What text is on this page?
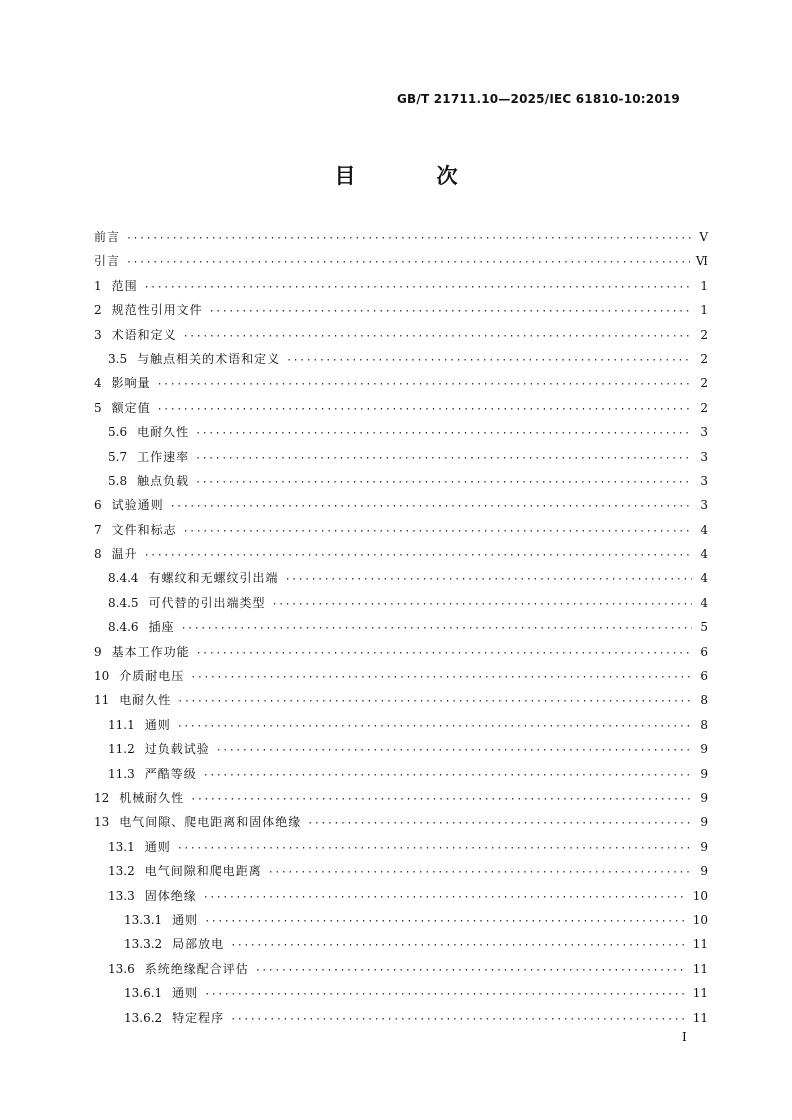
GB/T 21711.10—2025/IEC 61810-10:2019
目　次
前言 ·····	Ⅴ
引言 ·····	Ⅵ
1 范围 ·····	1
2 规范性引用文件 ·····	1
3 术语和定义 ·····	2
3.5 与触点相关的术语和定义 ·····	2
4 影响量 ·····	2
5 额定值 ·····	2
5.6 电耐久性 ·····	3
5.7 工作速率 ·····	3
5.8 触点负载 ·····	3
6 试验通则 ·····	3
7 文件和标志 ·····	4
8 温升 ·····	4
8.4.4 有螺纹和无螺纹引出端 ·····	4
8.4.5 可代替的引出端类型 ·····	4
8.4.6 插座 ·····	5
9 基本工作功能 ·····	6
10 介质耐电压 ·····	6
11 电耐久性 ·····	8
11.1 通则 ·····	8
11.2 过负载试验 ·····	9
11.3 严酷等级 ·····	9
12 机械耐久性 ·····	9
13 电气间隙、爬电距离和固体绝缘 ·····	9
13.1 通则 ·····	9
13.2 电气间隙和爬电距离 ·····	9
13.3 固体绝缘 ·····	10
13.3.1 通则 ·····	10
13.3.2 局部放电 ·····	11
13.6 系统绝缘配合评估 ·····	11
13.6.1 通则 ·····	11
13.6.2 特定程序 ·····	11
Ⅰ
